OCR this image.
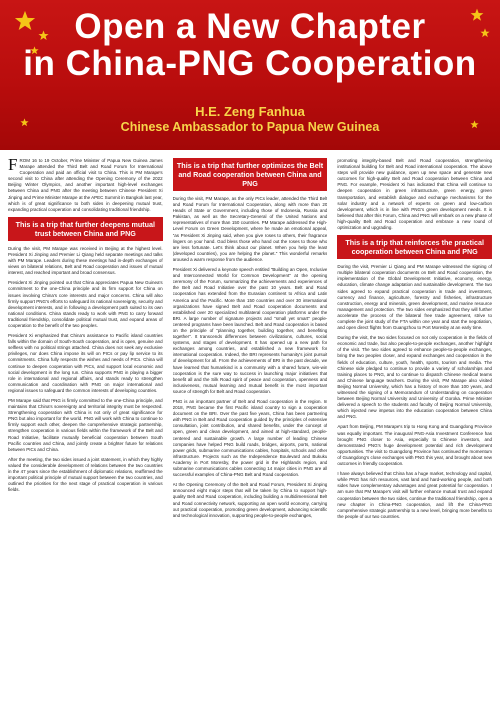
Open a New Chapter
in China-PNG Cooperation
H.E. Zeng Fanhua
Chinese Ambassador to Papua New Guinea

FROM 16 to 19 October, Prime Minister of Papua New Guinea James Marape attended the Third Belt and Road Forum for International Cooperation and paid an official visit to China. This is PM Marape's second visit to China after attending the Opening Ceremony of the 2022 Beijing Winter Olympics, and another important high-level exchanges between China and PNG after the meeting between Chinese President Xi Jinping and Prime Minister Marape at the APEC Summit in Bangkok last year, which is of great significance to both sides in deepening mutual trust, expanding practical cooperation and consolidating traditional friendship.

This is a trip that further deepens mutual trust between China and PNG

During the visit, PM Marape was received in Beijing at the highest level. President Xi Jinping and Premier Li Qiang held separate meetings and talks with PM Marape. Leaders during these meetings had in-depth exchanges of views on bilateral relations, Belt and Road cooperation and issues of mutual interest, and reached important and broad consensus.

President Xi Jinping pointed out that China appreciates Papua New Guinea's commitment to the one-China principle and its firm support for China on issues involving China's core interests and major concerns. China will also firmly support PNG's efforts to safeguard its national sovereignty, security and development interests, and in following a development path suited to its own national conditions. China stands ready to work with PNG to carry forward traditional friendship, consolidate political mutual trust, and expand areas of cooperation to the benefit of the two peoples.

President Xi emphasized that China's assistance to Pacific island countries falls within the domain of South-South cooperation, and is open, genuine and selfless with no political strings attached. China does not seek any exclusive privileges, nor does China impose its will on PICs or pay lip service to its commitments. China fully respects the wishes and needs of PICs. China will continue to deepen cooperation with PICs, and support local economic and social development in the long run. China supports PNG in playing a bigger role in international and regional affairs, and stands ready to strengthen communication and coordination with PNG on major international and regional issues to safeguard the common interests of developing countries.

PM Marape said that PNG is firmly committed to the one-China principle, and maintains that China's sovereignty and territorial integrity must be respected. Strengthening cooperation with China is not only of great significance for PNG but also important for the world. PNG will work with China to continue to firmly support each other, deepen the comprehensive strategic partnership, strengthen cooperation in various fields within the framework of the Belt and Road Initiative, facilitate mutually beneficial cooperation between South Pacific countries and China, and jointly create a brighter future for relations between PICs and China.

After the meeting, the two sides issued a joint statement, in which they highly valued the considerable development of relations between the two countries in the 47 years since the establishment of diplomatic relations, reaffirmed the important political principle of mutual support between the two countries, and outlined the priorities for the next stage of practical cooperation in various fields.

This is a trip that further optimizes the Belt and Road cooperation between China and PNG

During the visit, PM Marape, as the only PICs leader, attended the Third Belt and Road Forum for International Cooperation, along with more than 20 Heads of State or Government, including those of Indonesia, Russia and Pakistan, as well as the Secretary-General of the United Nations and representatives of more than 150 countries. PM Marape addressed the High-Level Forum on Green Development, where he made an emotional appeal, "as President Xi Jinping said, when you give roses to others, their fragrance lingers on your hand. God bless those who hand out the roses to those who are less fortunate. Let's think about our planet. When you help the least (developed countries), you are helping the planet." This wonderful remarks aroused a warm response from the audience.

President Xi delivered a keynote speech entitled "Building an Open, Inclusive and Interconnected World for Common Development" at the opening ceremony of the Forum, summarizing the achievements and experiences of the Belt and Road Initiative over the past 10 years. Belt and Road cooperation has extended from the Eurasian continent to Africa and Latin America and the Pacific. More than 150 countries and over 30 international organizations have signed Belt and Road cooperation documents and established over 20 specialized multilateral cooperation platforms under the BRI. A large number of signature projects and "small yet smart" people-centered programs have been launched. Belt and Road cooperation is based on the principle of "planning together, building together, and benefiting together". It transcends differences between civilizations, cultures, social systems, and stages of development. It has opened up a new path for exchanges among countries, and established a new framework for international cooperation. Indeed, the BRI represents humanity's joint pursuit of development for all. From the achievements of BRI in the past decade, we have learned that humankind is a community with a shared future, win-win cooperation is the sure way to success in launching major initiatives that benefit all and the Silk Road spirit of peace and cooperation, openness and inclusiveness, mutual learning and mutual benefit is the most important source of strength for Belt and Road cooperation.

PNG is an important partner of Belt and Road cooperation in the region. In 2018, PNG became the first Pacific island country to sign a cooperation document on the BRI. Over the past five years, China has been partnering with PNG in Belt and Road cooperation guided by the principles of extensive consultation, joint contribution, and shared benefits, under the concept of open, green and clean development, and aimed at high-standard, people-centered and sustainable growth. A large number of leading Chinese companies have helped PNG build roads, bridges, airports, ports, national power grids, submarine communications cables, hospitals, schools and other infrastructure. Projects such as the Independence Boulevard and Bukuku Academy in Port Moresby, the power grid in the Highlands region, and submarine communications cables connecting 14 major cities in PNG are all successful examples of China-PNG Belt and Road cooperation.

At the Opening Ceremony of the Belt and Road Forum, President Xi Jinping announced eight major steps that will be taken by China to support high-quality Belt and Road cooperation, including building a multidimensional Belt and Road connectivity network, supporting an open world economy, carrying out practical cooperation, promoting green development, advancing scientific and technological innovation, supporting people-to-people exchanges,

promoting integrity-based Belt and Road cooperation, strengthening institutional building for Belt and Road international cooperation. The above steps will provide new guidance, open up new space and generate new outcomes for high-quality Belt and Road cooperation between China and PNG. For example, President Xi has indicated that China will continue to deepen cooperation in green infrastructure, green energy, green transportation, and establish dialogue and exchange mechanisms for the solar industry and a network of experts on green and low-carbon development, which is in line with PNG's green development needs. It is believed that after this Forum, China and PNG will embark on a new phase of high-quality Belt and Road cooperation and embrace a new round of optimization and upgrading.

This is a trip that reinforces the practical cooperation between China and PNG

During the visit, Premier Li Qiang and PM Marape witnessed the signing of multiple bilateral cooperation documents on Belt and Road cooperation, the implementation of the Global Development Initiative, economy, energy, education, climate change adaptation and sustainable development. The two sides agreed to expand practical cooperation in trade and investment, currency and finance, agriculture, forestry and fisheries, infrastructure construction, energy and minerals, green development, and marine resource management and protection. The two sides emphasized that they will further accelerate the process of the bilateral free trade agreement, strive to complete the joint study of the FTA within one year and start the negotiation, and open direct flights from Guangzhou to Port Moresby at an early time.

During the visit, the two sides focused on not only cooperation in the fields of economic and trade, but also people-to-people exchanges, another highlight of the visit. The two sides agreed to enhance people-to-people exchanges, bring the two peoples closer, and expand exchanges and cooperation in the fields of education, culture, youth, health, sports, tourism and media. The Chinese side pledged to continue to provide a variety of scholarships and training places to PNG, and to continue to dispatch Chinese medical teams and Chinese language teachers. During the visit, PM Marape also visited Beijing Normal University, which has a history of more than 100 years, and witnessed the signing of a Memorandum of Understanding on cooperation between Beijing Normal University and University of Goroka. Prime Minister delivered a speech to the students and faculty of Beijing Normal University, which injected new impetus into the education cooperation between China and PNG.

Apart from Beijing, PM Marape's trip to Hong Kong and Guangdong Province was equally important. The inaugural PNG-Asia Investment Conference has brought PNG closer to Asia, especially to Chinese investors, and demonstrated PNG's huge development potential and rich development opportunities. The visit to Guangdong Province has continued the momentum of Guangdong's close exchanges with PNG this year, and brought about new outcomes in friendly cooperation.

I have always believed that China has a huge market, technology and capital, while PNG has rich resources, vast land and hard-working people, and both sides have complementary advantages and great potential for cooperation. I am sure that PM Marape's visit will further enhance mutual trust and expand cooperation between the two sides, continue the traditional friendship, open a new chapter in China-PNG cooperation, and lift the China-PNG comprehensive strategic partnership to a new level, bringing more benefits to the people of our two countries.
